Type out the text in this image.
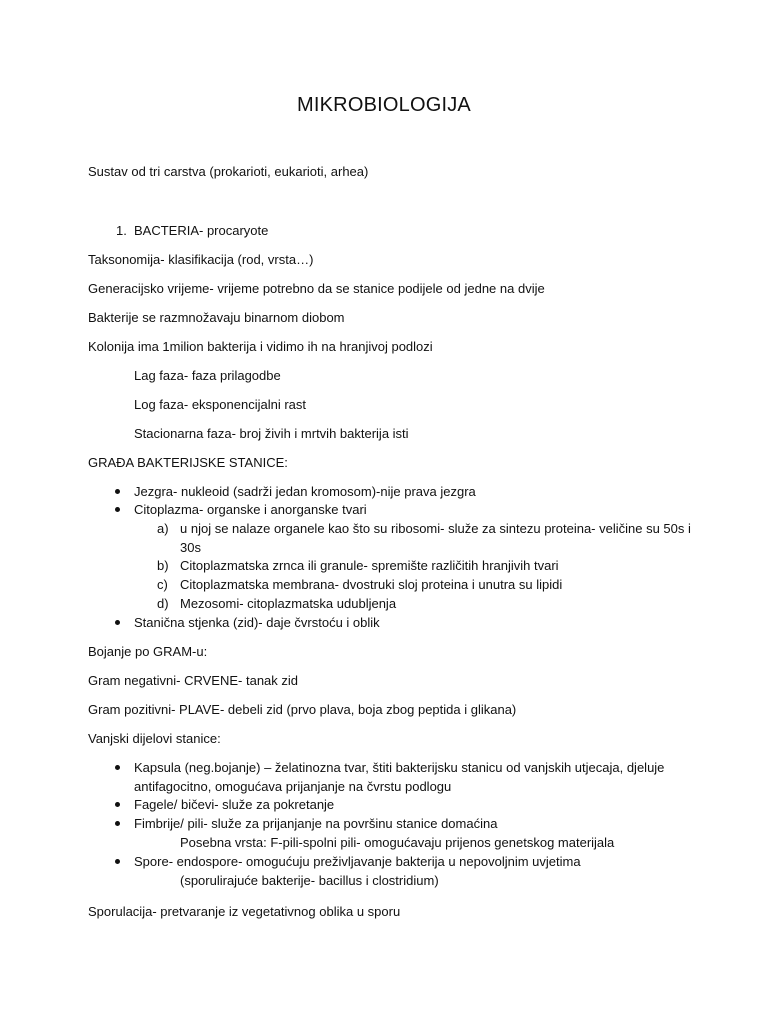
MIKROBIOLOGIJA
Sustav od tri carstva (prokarioti, eukarioti, arhea)
1. BACTERIA- procaryote
Taksonomija- klasifikacija (rod, vrsta…)
Generacijsko vrijeme- vrijeme potrebno da se stanice podijele od jedne na dvije
Bakterije se razmnožavaju binarnom diobom
Kolonija ima 1milion bakterija i vidimo ih na hranjivoj podlozi
Lag faza- faza prilagodbe
Log faza- eksponencijalni rast
Stacionarna faza- broj živih i mrtvih bakterija isti
GRAĐA BAKTERIJSKE STANICE:
Jezgra- nukleoid (sadrži jedan kromosom)-nije prava jezgra
Citoplazma- organske i anorganske tvari
a) u njoj se nalaze organele kao što su ribosomi- služe za sintezu proteina- veličine su 50s i
30s
b) Citoplazmatska zrnca ili granule- spremište različitih hranjivih tvari
c) Citoplazmatska membrana- dvostruki sloj proteina i unutra su lipidi
d) Mezosomi- citoplazmatska udubljenja
Stanična stjenka (zid)- daje čvrstoću i oblik
Bojanje po GRAM-u:
Gram negativni- CRVENE- tanak zid
Gram pozitivni- PLAVE- debeli zid (prvo plava, boja zbog peptida i glikana)
Vanjski dijelovi stanice:
Kapsula (neg.bojanje) – želatinozna tvar, štiti bakterijsku stanicu od vanjskih utjecaja, djeluje
antifagocitno, omogućava prijanjanje na čvrstu podlogu
Fagele/ bičevi- služe za pokretanje
Fimbrije/ pili- služe za prijanjanje na površinu stanice domaćina
Posebna vrsta: F-pili-spolni pili- omogućavaju prijenos genetskog materijala
Spore- endospore- omogućuju preživljavanje bakterija u nepovoljnim uvjetima
(sporulirajuće bakterije- bacillus i clostridium)
Sporulacija- pretvaranje iz vegetativnog oblika u sporu
